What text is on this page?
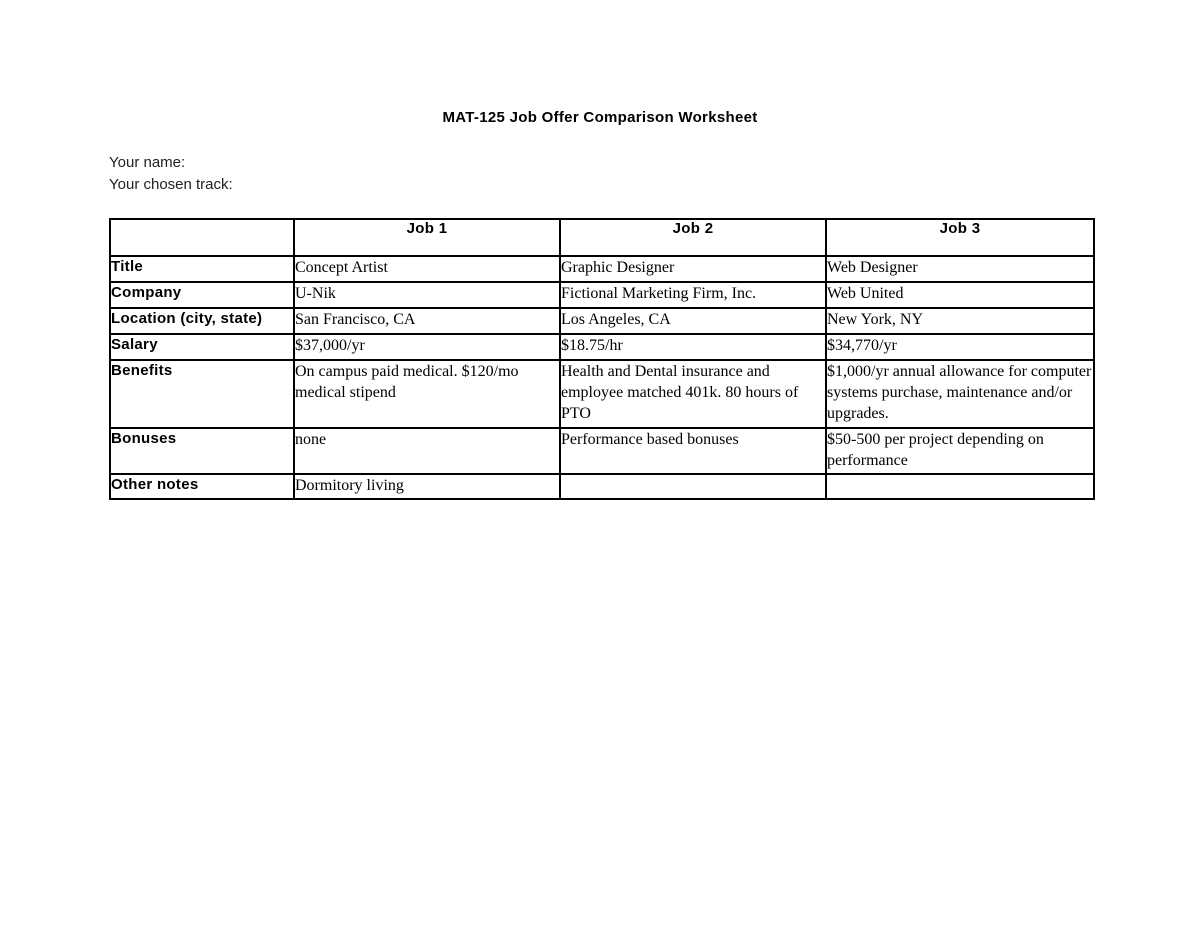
MAT-125 Job Offer Comparison Worksheet
Your name:
Your chosen track:
	Job 1	Job 2	Job 3
Title	Concept Artist	Graphic Designer	Web Designer
Company	U-Nik	Fictional Marketing Firm, Inc.	Web United
Location (city, state)	San Francisco, CA	Los Angeles, CA	New York, NY
Salary	$37,000/yr	$18.75/hr	$34,770/yr
Benefits	On campus paid medical. $120/mo medical stipend	Health and Dental insurance and employee matched 401k. 80 hours of PTO	$1,000/yr annual allowance for computer systems purchase, maintenance and/or upgrades.
Bonuses	none	Performance based bonuses	$50-500 per project depending on performance
Other notes	Dormitory living		
